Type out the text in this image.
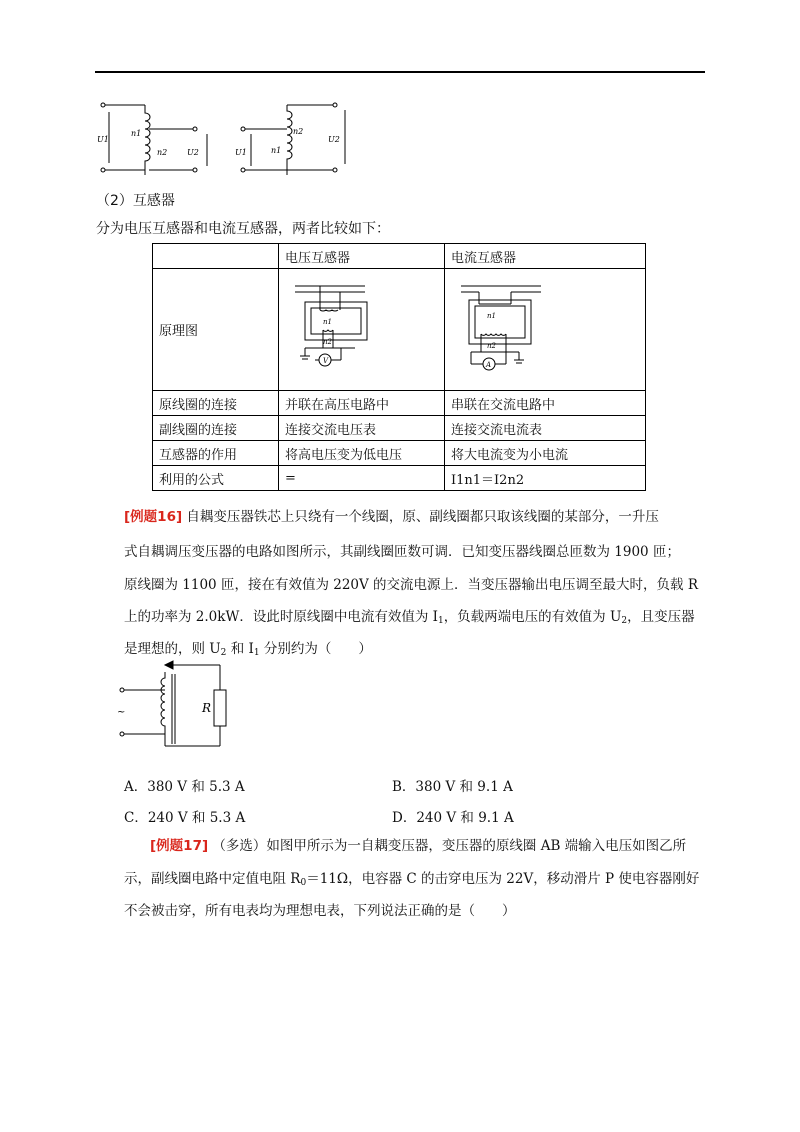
U1
n1
n2 U2	U1	n1
n2
U2
（2）互感器
分为电压互感器和电流互感器，两者比较如下：
	电压互感器	电流互感器
原理图	n1
n2
V	n1
n2
A

原线圈的连接	并联在高压电路中	串联在交流电路中
副线圈的连接	连接交流电压表	连接交流电流表
互感器的作用	将高电压变为低电压	将大电流变为小电流
利用的公式	=	I1n1＝I2n2
[例题16] 自耦变压器铁芯上只绕有一个线圈，原、副线圈都只取该线圈的某部分，一升压
式自耦调压变压器的电路如图所示，其副线圈匝数可调．已知变压器线圈总匝数为 1900 匝；
原线圈为 1100 匝，接在有效值为 220V 的交流电源上．当变压器输出电压调至最大时，负载 R
上的功率为 2.0kW．设此时原线圈中电流有效值为 $I_1$，负载两端电压的有效值为 $U_2$，且变压器
是理想的，则 $U_2$ 和 $I_1$ 分别约为（　　）
~	R
A．380 V 和 5.3 A	B．380 V 和 9.1 A
C．240 V 和 5.3 A	D．240 V 和 9.1 A
[例题17] （多选）如图甲所示为一自耦变压器，变压器的原线圈 AB 端输入电压如图乙所
示，副线圈电路中定值电阻 $R_0=11\Omega$，电容器 C 的击穿电压为 22V，移动滑片 P 使电容器刚好
不会被击穿，所有电表均为理想电表，下列说法正确的是（　　）
